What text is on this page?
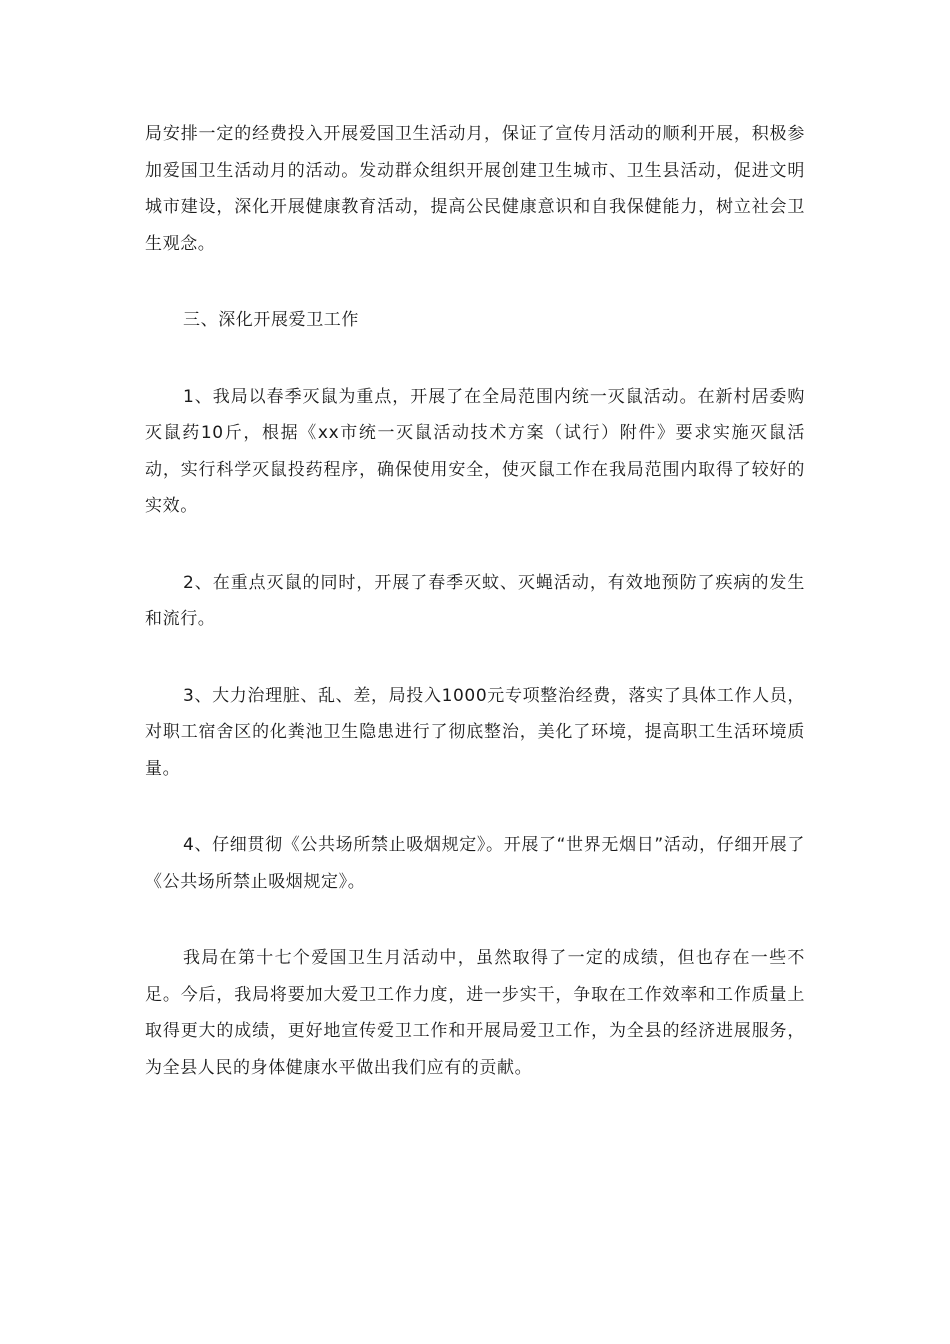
局安排一定的经费投入开展爱国卫生活动月，保证了宣传月活动的顺利开展，积极参加爱国卫生活动月的活动。发动群众组织开展创建卫生城市、卫生县活动，促进文明城市建设，深化开展健康教育活动，提高公民健康意识和自我保健能力，树立社会卫生观念。

三、深化开展爱卫工作

1、我局以春季灭鼠为重点，开展了在全局范围内统一灭鼠活动。在新村居委购灭鼠药10斤，根据《xx市统一灭鼠活动技术方案（试行）附件》要求实施灭鼠活动，实行科学灭鼠投药程序，确保使用安全，使灭鼠工作在我局范围内取得了较好的实效。

2、在重点灭鼠的同时，开展了春季灭蚊、灭蝇活动，有效地预防了疾病的发生和流行。

3、大力治理脏、乱、差，局投入1000元专项整治经费，落实了具体工作人员，对职工宿舍区的化粪池卫生隐患进行了彻底整治，美化了环境，提高职工生活环境质量。

4、仔细贯彻《公共场所禁止吸烟规定》。开展了“世界无烟日”活动，仔细开展了《公共场所禁止吸烟规定》。

我局在第十七个爱国卫生月活动中，虽然取得了一定的成绩，但也存在一些不足。今后，我局将要加大爱卫工作力度，进一步实干，争取在工作效率和工作质量上取得更大的成绩，更好地宣传爱卫工作和开展局爱卫工作，为全县的经济进展服务，为全县人民的身体健康水平做出我们应有的贡献。
